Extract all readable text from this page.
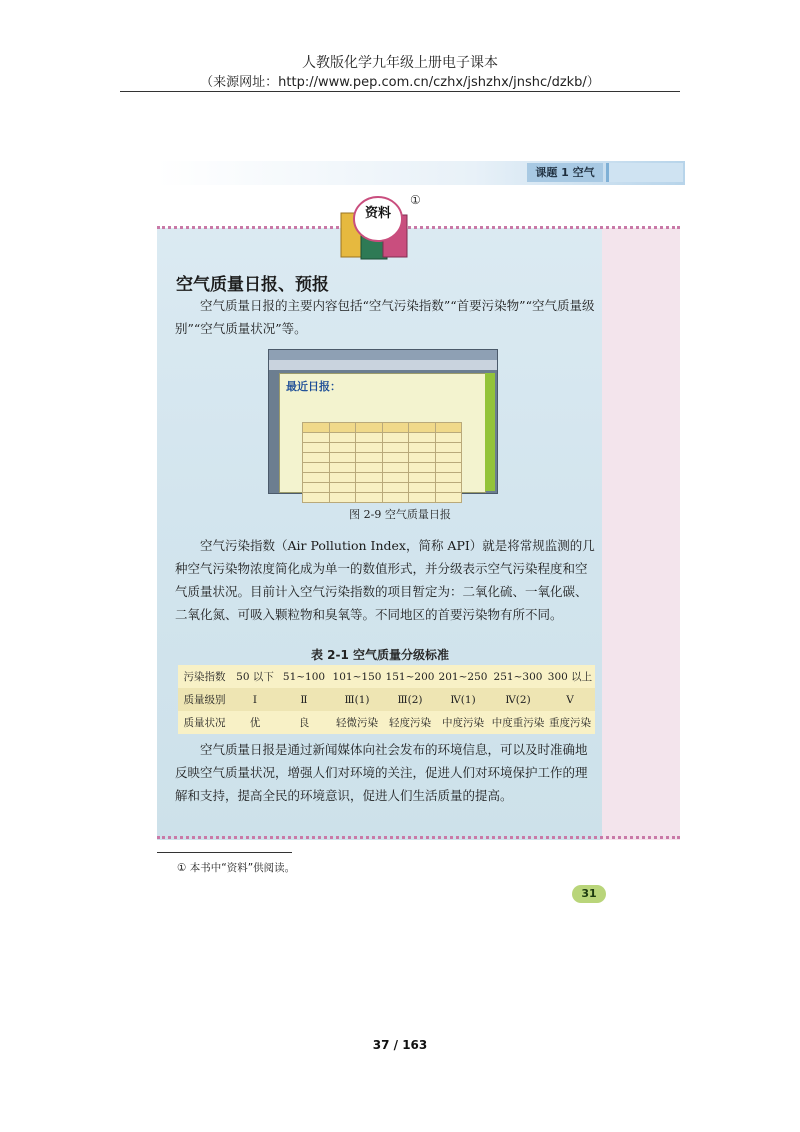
人教版化学九年级上册电子课本
（来源网址：http://www.pep.com.cn/czhx/jshzhx/jnshc/dzkb/）
课题 1 空气
资料
①
空气质量日报、预报

空气质量日报的主要内容包括“空气污染指数”“首要污染物”“空气质量级别”“空气质量状况”等。

最近日报：

图 2-9 空气质量日报

空气污染指数（Air Pollution Index，简称 API）就是将常规监测的几种空气污染物浓度简化成为单一的数值形式，并分级表示空气污染程度和空气质量状况。目前计入空气污染指数的项目暂定为：二氧化硫、一氧化碳、二氧化氮、可吸入颗粒物和臭氧等。不同地区的首要污染物有所不同。

表 2-1 空气质量分级标准
污染指数	50 以下	51~100	101~150	151~200	201~250	251~300	300 以上
质量级别	Ⅰ	Ⅱ	Ⅲ(1)	Ⅲ(2)	Ⅳ(1)	Ⅳ(2)	Ⅴ
质量状况	优	良	轻微污染	轻度污染	中度污染	中度重污染	重度污染

空气质量日报是通过新闻媒体向社会发布的环境信息，可以及时准确地反映空气质量状况，增强人们对环境的关注，促进人们对环境保护工作的理解和支持，提高全民的环境意识，促进人们生活质量的提高。

① 本书中“资料”供阅读。
31
37 / 163
